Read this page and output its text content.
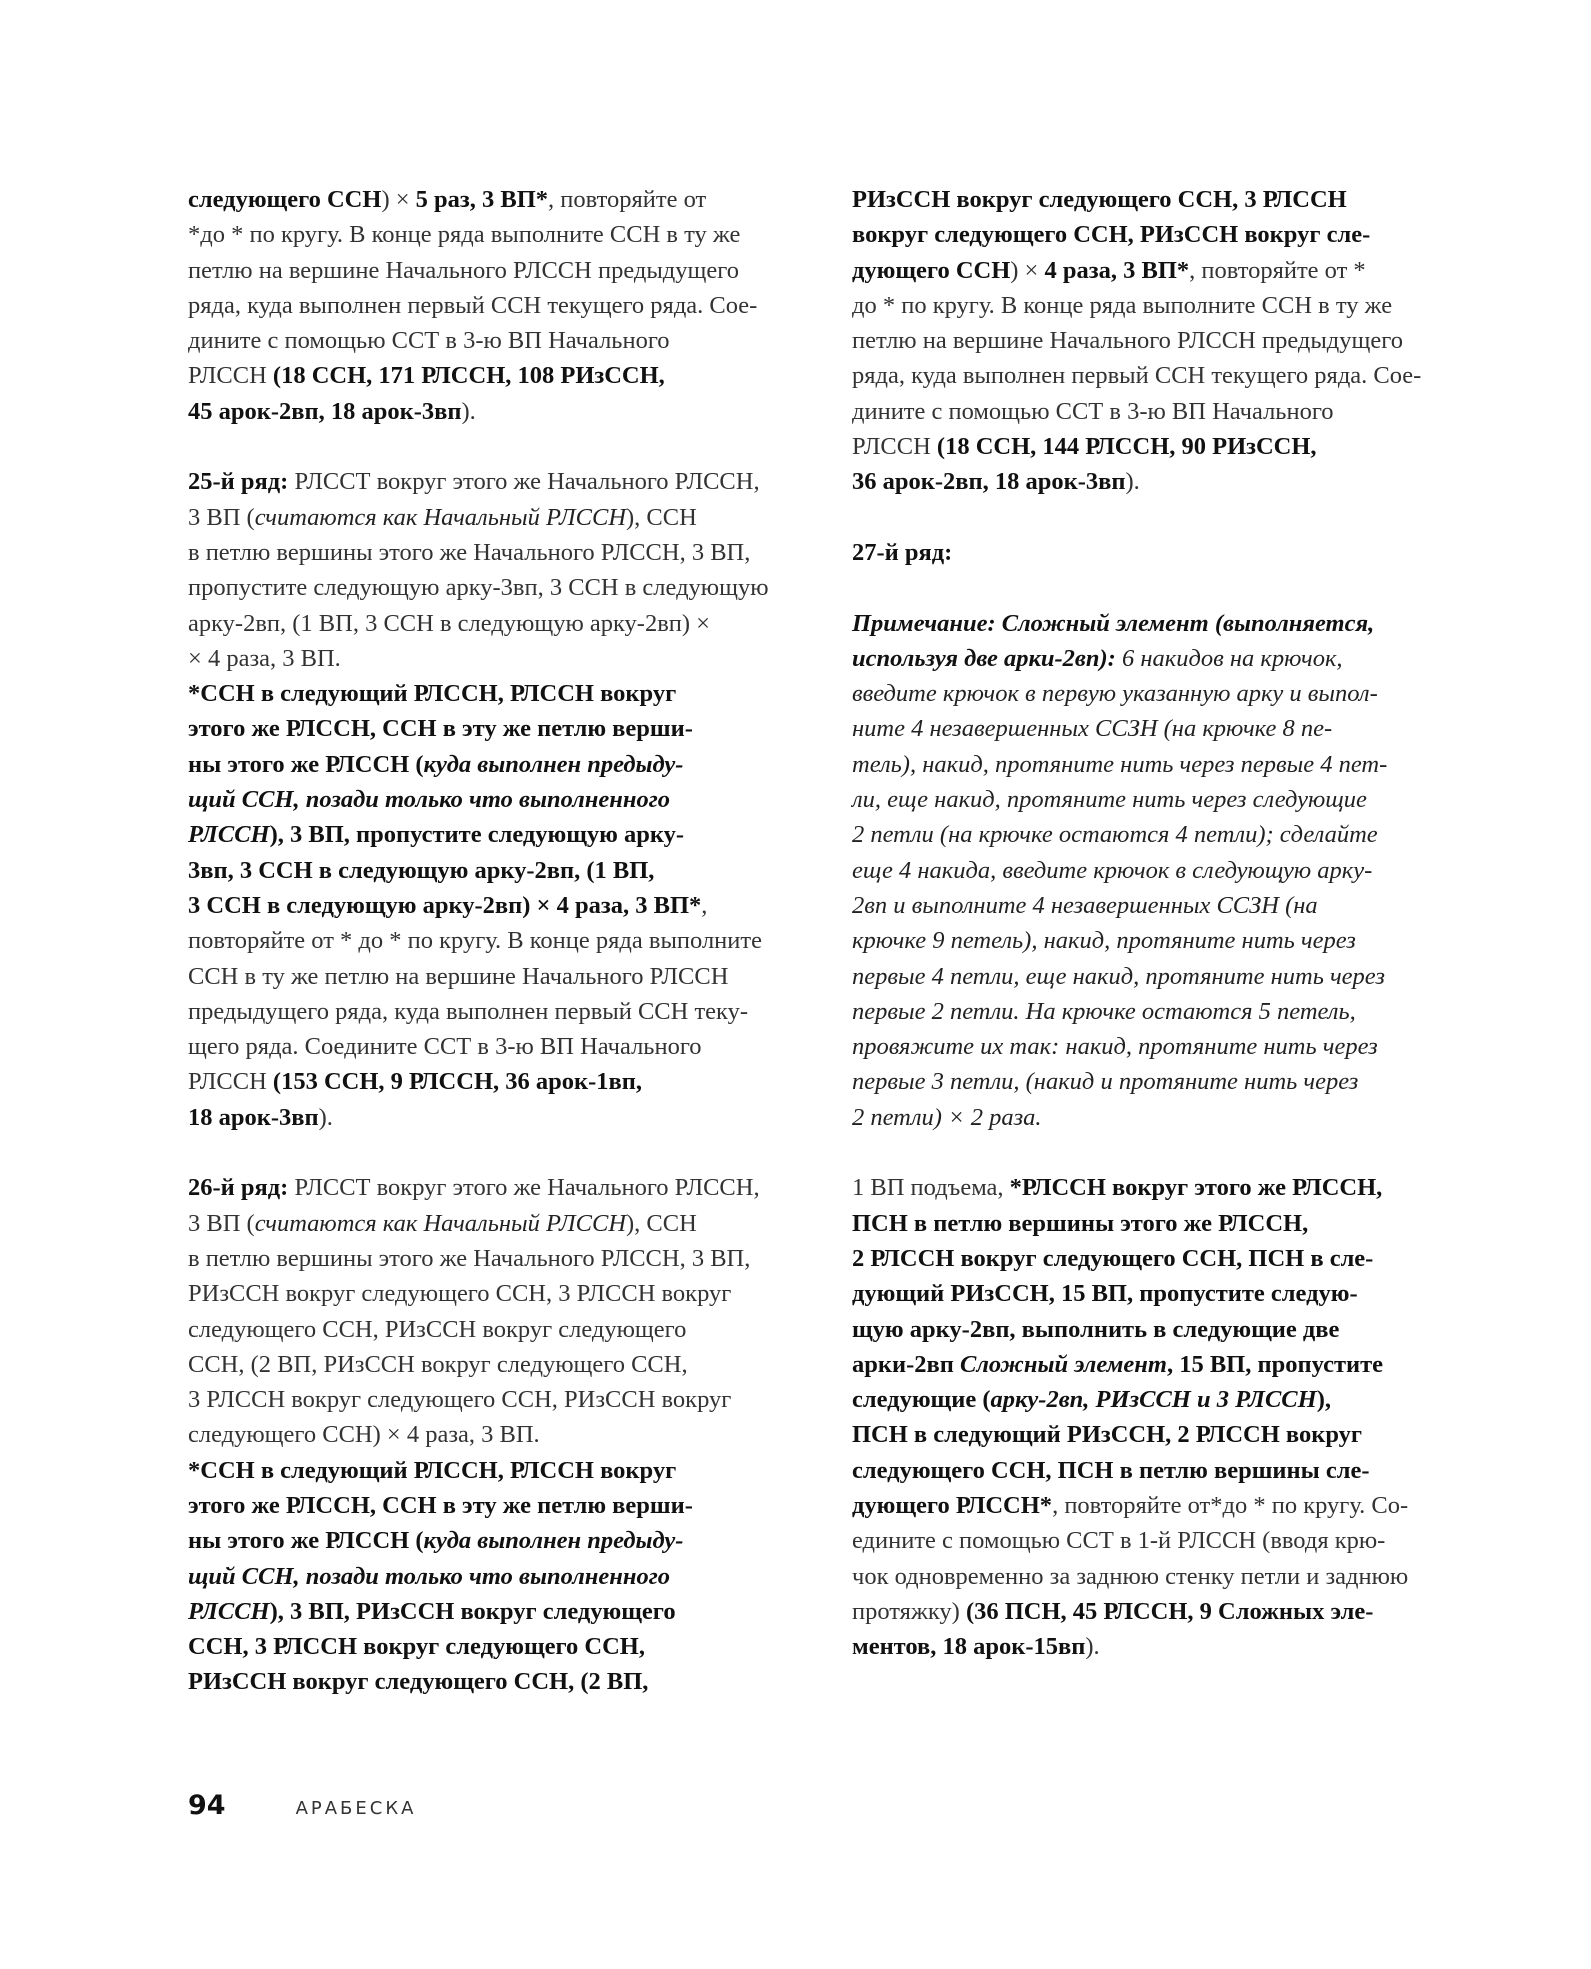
следующего ССН) × 5 раз, 3 ВП*, повторяйте от
*до * по кругу. В конце ряда выполните ССН в ту же
петлю на вершине Начального РЛССН предыдущего
ряда, куда выполнен первый ССН текущего ряда. Сое-
дините с помощью ССТ в 3-ю ВП Начального
РЛССН (18 ССН, 171 РЛССН, 108 РИзССН,
45 арок-2вп, 18 арок-3вп).
25-й ряд: РЛССТ вокруг этого же Начального РЛССН,
3 ВП (считаются как Начальный РЛССН), ССН
в петлю вершины этого же Начального РЛССН, 3 ВП,
пропустите следующую арку-3вп, 3 ССН в следующую
арку-2вп, (1 ВП, 3 ССН в следующую арку-2вп) ×
× 4 раза, 3 ВП.
*ССН в следующий РЛССН, РЛССН вокруг
этого же РЛССН, ССН в эту же петлю верши-
ны этого же РЛССН (куда выполнен предыду-
щий ССН, позади только что выполненного
РЛССН), 3 ВП, пропустите следующую арку-
3вп, 3 ССН в следующую арку-2вп, (1 ВП,
3 ССН в следующую арку-2вп) × 4 раза, 3 ВП*,
повторяйте от * до * по кругу. В конце ряда выполните
ССН в ту же петлю на вершине Начального РЛССН
предыдущего ряда, куда выполнен первый ССН теку-
щего ряда. Соедините ССТ в 3-ю ВП Начального
РЛССН (153 ССН, 9 РЛССН, 36 арок-1вп,
18 арок-3вп).
26-й ряд: РЛССТ вокруг этого же Начального РЛССН,
3 ВП (считаются как Начальный РЛССН), ССН
в петлю вершины этого же Начального РЛССН, 3 ВП,
РИзССН вокруг следующего ССН, 3 РЛССН вокруг
следующего ССН, РИзССН вокруг следующего
ССН, (2 ВП, РИзССН вокруг следующего ССН,
3 РЛССН вокруг следующего ССН, РИзССН вокруг
следующего ССН) × 4 раза, 3 ВП.
*ССН в следующий РЛССН, РЛССН вокруг
этого же РЛССН, ССН в эту же петлю верши-
ны этого же РЛССН (куда выполнен предыду-
щий ССН, позади только что выполненного
РЛССН), 3 ВП, РИзССН вокруг следующего
ССН, 3 РЛССН вокруг следующего ССН,
РИзССН вокруг следующего ССН, (2 ВП,
РИзССН вокруг следующего ССН, 3 РЛССН
вокруг следующего ССН, РИзССН вокруг сле-
дующего ССН) × 4 раза, 3 ВП*, повторяйте от *
до * по кругу. В конце ряда выполните ССН в ту же
петлю на вершине Начального РЛССН предыдущего
ряда, куда выполнен первый ССН текущего ряда. Сое-
дините с помощью ССТ в 3-ю ВП Начального
РЛССН (18 ССН, 144 РЛССН, 90 РИзССН,
36 арок-2вп, 18 арок-3вп).
27-й ряд:
Примечание: Сложный элемент (выполняется,
используя две арки-2вп): 6 накидов на крючок,
введите крючок в первую указанную арку и выпол-
ните 4 незавершенных ССЗН (на крючке 8 пе-
тель), накид, протяните нить через первые 4 пет-
ли, еще накид, протяните нить через следующие
2 петли (на крючке остаются 4 петли); сделайте
еще 4 накида, введите крючок в следующую арку-
2вп и выполните 4 незавершенных ССЗН (на
крючке 9 петель), накид, протяните нить через
первые 4 петли, еще накид, протяните нить через
первые 2 петли. На крючке остаются 5 петель,
провяжите их так: накид, протяните нить через
первые 3 петли, (накид и протяните нить через
2 петли) × 2 раза.
1 ВП подъема, *РЛССН вокруг этого же РЛССН,
ПСН в петлю вершины этого же РЛССН,
2 РЛССН вокруг следующего ССН, ПСН в сле-
дующий РИзССН, 15 ВП, пропустите следую-
щую арку-2вп, выполнить в следующие две
арки-2вп Сложный элемент, 15 ВП, пропустите
следующие (арку-2вп, РИзССН и 3 РЛССН),
ПСН в следующий РИзССН, 2 РЛССН вокруг
следующего ССН, ПСН в петлю вершины сле-
дующего РЛССН*, повторяйте от*до * по кругу. Со-
едините с помощью ССТ в 1-й РЛССН (вводя крю-
чок одновременно за заднюю стенку петли и заднюю
протяжку) (36 ПСН, 45 РЛССН, 9 Сложных эле-
ментов, 18 арок-15вп).
94	АРАБЕСКА
